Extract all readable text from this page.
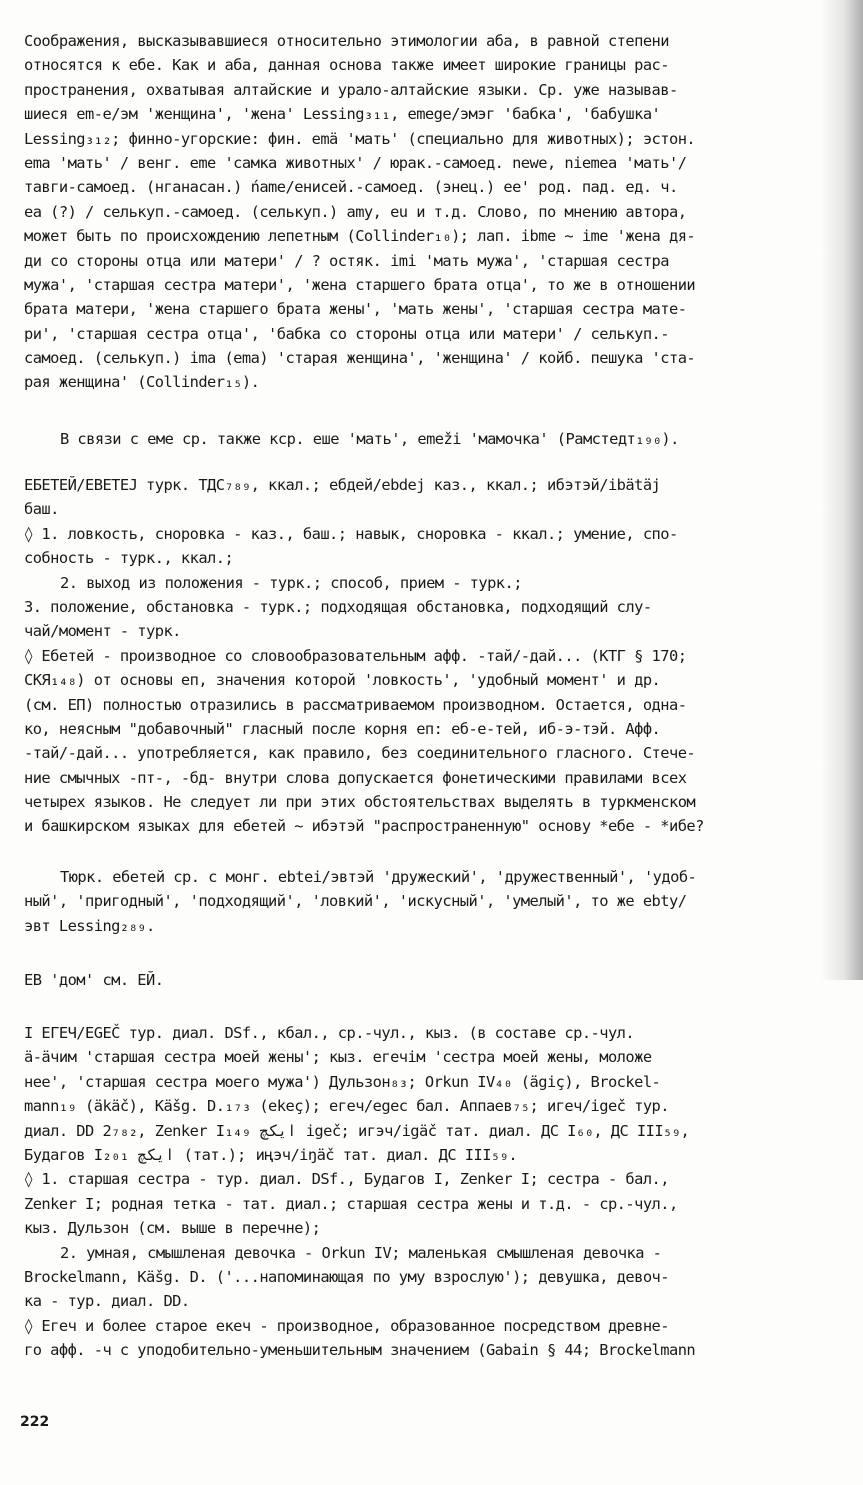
Соображения, высказывавшиеся относительно этимологии аба, в равной степени
относятся к ебе. Как и аба, данная основа также имеет широкие границы рас-
пространения, охватывая алтайские и урало-алтайские языки. Ср. уже называв-
шиеся em-e/эм 'женщина', 'жена' Lessing₃₁₁, emege/эмэг 'бабка', 'бабушка'
Lessing₃₁₂; финно-угорские: фин. emä 'мать' (специально для животных); эстон.
ema 'мать' / венг. eme 'самка животных' / юрак.-самоед. newe, niemea 'мать'/
тавги-самоед. (нганасан.) ńame/енисей.-самоед. (энец.) ee' род. пад. ед. ч.
ea (?) / селькуп.-самоед. (селькуп.) amy, eu и т.д. Слово, по мнению автора,
может быть по происхождению лепетным (Collinder₁₀); лап. ibme ~ ime 'жена дя-
ди со стороны отца или матери' / ? остяк. imi 'мать мужа', 'старшая сестра
мужа', 'старшая сестра матери', 'жена старшего брата отца', то же в отношении
брата матери, 'жена старшего брата жены', 'мать жены', 'старшая сестра мате-
ри', 'старшая сестра отца', 'бабка со стороны отца или матери' / селькуп.-
самоед. (селькуп.) ima (ema) 'старая женщина', 'женщина' / койб. пешука 'ста-
рая женщина' (Collinder₁₅).
В связи с еме ср. также кср. еше 'мать', emeži 'мамочка' (Рамстедт₁₉₀).
ЕБЕТЕЙ/EBETEJ турк. ТДС₇₈₉, ккал.; ебдей/ebdej каз., ккал.; ибэтэй/ibätäj
баш.
◊ 1. ловкость, сноровка - каз., баш.; навык, сноровка - ккал.; умение, спо-
собность - турк., ккал.;
2. выход из положения - турк.; способ, прием - турк.;
3. положение, обстановка - турк.; подходящая обстановка, подходящий слу-
чай/момент - турк.
◊ Ебетей - производное со словообразовательным афф. -тай/-дай... (КТГ § 170;
СКЯ₁₄₈) от основы еп, значения которой 'ловкость', 'удобный момент' и др.
(см. ЕП) полностью отразились в рассматриваемом производном. Остается, одна-
ко, неясным "добавочный" гласный после корня еп: еб-е-тей, иб-э-тэй. Афф.
-тай/-дай... употребляется, как правило, без соединительного гласного. Стече-
ние смычных -пт-, -бд- внутри слова допускается фонетическими правилами всех
четырех языков. Не следует ли при этих обстоятельствах выделять в туркменском
и башкирском языках для ебетей ~ ибэтэй "распространенную" основу *ебе - *ибе?
Тюрк. ебетей ср. с монг. ebtei/эвтэй 'дружеский', 'дружественный', 'удоб-
ный', 'пригодный', 'подходящий', 'ловкий', 'искусный', 'умелый', то же ebty/
эвт Lessing₂₈₉.
ЕВ 'дом' см. ЕЙ.
I ЕГЕЧ/EGEČ тур. диал. DSf., кбал., ср.-чул., кыз. (в составе ср.-чул.
ä-äчим 'старшая сестра моей жены'; кыз. егечім 'сестра моей жены, моложе
нее', 'старшая сестра моего мужа') Дульзон₈₃; Orkun IV₄₀ (ägiç), Brockel-
mann₁₉ (äkäč), Käšg. D.₁₇₃ (ekeç); егеч/egeс бал. Аппаев₇₅; игеч/igeč тур.
диал. DD 2₇₈₂, Zenker I₁₄₉ ﺍﻳﻜﭻ igeč; игэч/igäč тат. диал. ДС I₆₀, ДС III₅₉,
Будагов I₂₀₁ ﺍﻳﻜﭻ (тат.); иңэч/iŋäč тат. диал. ДС III₅₉.
◊ 1. старшая сестра - тур. диал. DSf., Будагов I, Zenker I; сестра - бал.,
Zenker I; родная тетка - тат. диал.; старшая сестра жены и т.д. - ср.-чул.,
кыз. Дульзон (см. выше в перечне);
2. умная, смышленая девочка - Orkun IV; маленькая смышленая девочка -
Brockelmann, Käšg. D. ('...напоминающая по уму взрослую'); девушка, девоч-
ка - тур. диал. DD.
◊ Егеч и более старое екеч - производное, образованное посредством древне-
го афф. -ч с уподобительно-уменьшительным значением (Gabain § 44; Brockelmann
222
